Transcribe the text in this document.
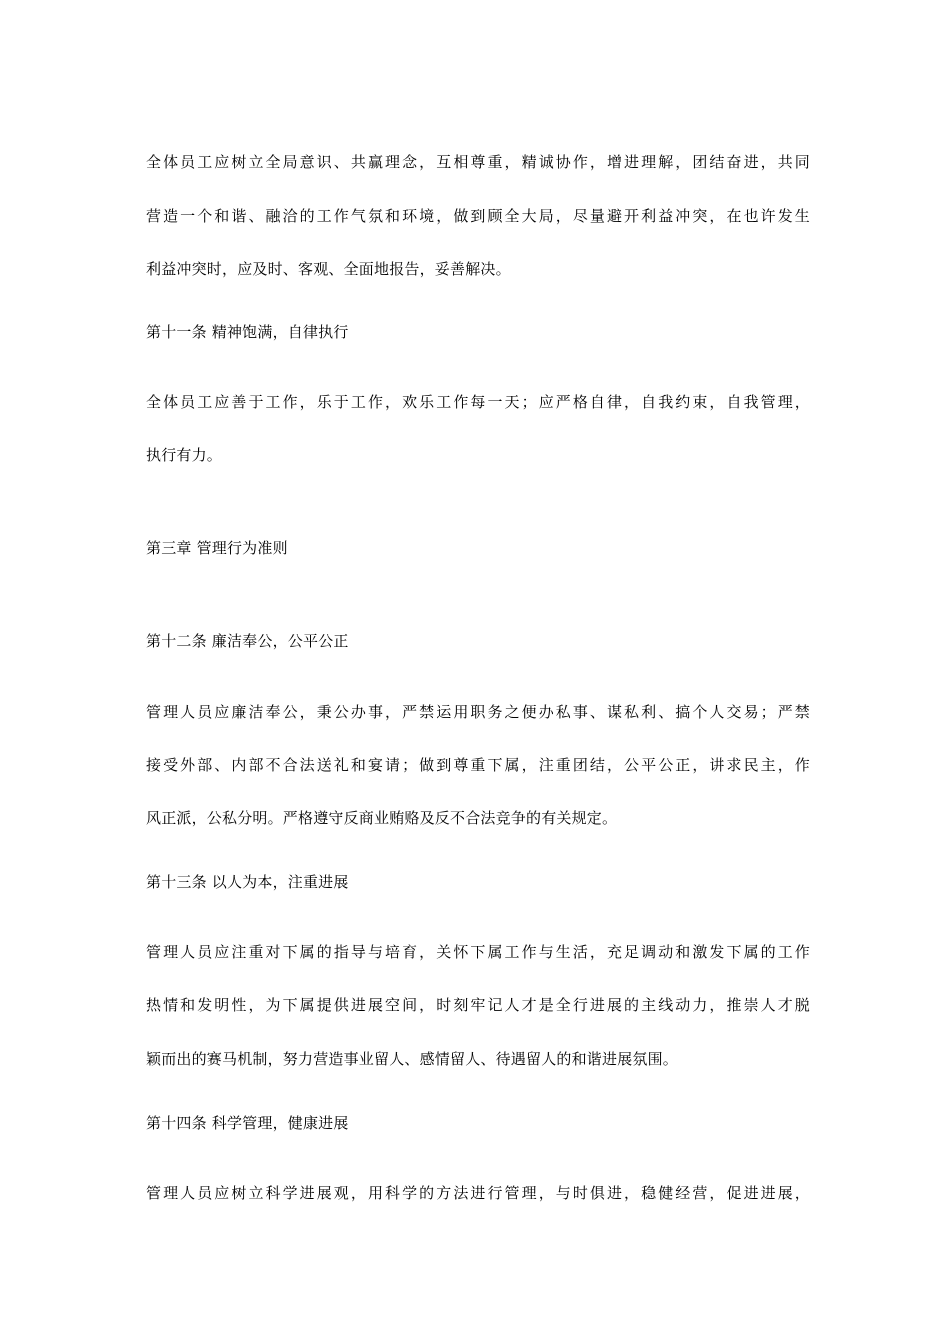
全体员工应树立全局意识、共赢理念，互相尊重，精诚协作，增进理解，团结奋进，共同
营造一个和谐、融洽的工作气氛和环境，做到顾全大局，尽量避开利益冲突，在也许发生
利益冲突时，应及时、客观、全面地报告，妥善解决。
第十一条 精神饱满，自律执行
全体员工应善于工作，乐于工作，欢乐工作每一天；应严格自律，自我约束，自我管理，
执行有力。
第三章 管理行为准则
第十二条 廉洁奉公，公平公正
管理人员应廉洁奉公，秉公办事，严禁运用职务之便办私事、谋私利、搞个人交易；严禁
接受外部、内部不合法送礼和宴请；做到尊重下属，注重团结，公平公正，讲求民主，作
风正派，公私分明。严格遵守反商业贿赂及反不合法竞争的有关规定。
第十三条 以人为本，注重进展
管理人员应注重对下属的指导与培育，关怀下属工作与生活，充足调动和激发下属的工作
热情和发明性，为下属提供进展空间，时刻牢记人才是全行进展的主线动力，推崇人才脱
颖而出的赛马机制，努力营造事业留人、感情留人、待遇留人的和谐进展氛围。
第十四条 科学管理，健康进展
管理人员应树立科学进展观，用科学的方法进行管理，与时俱进，稳健经营，促进进展，
